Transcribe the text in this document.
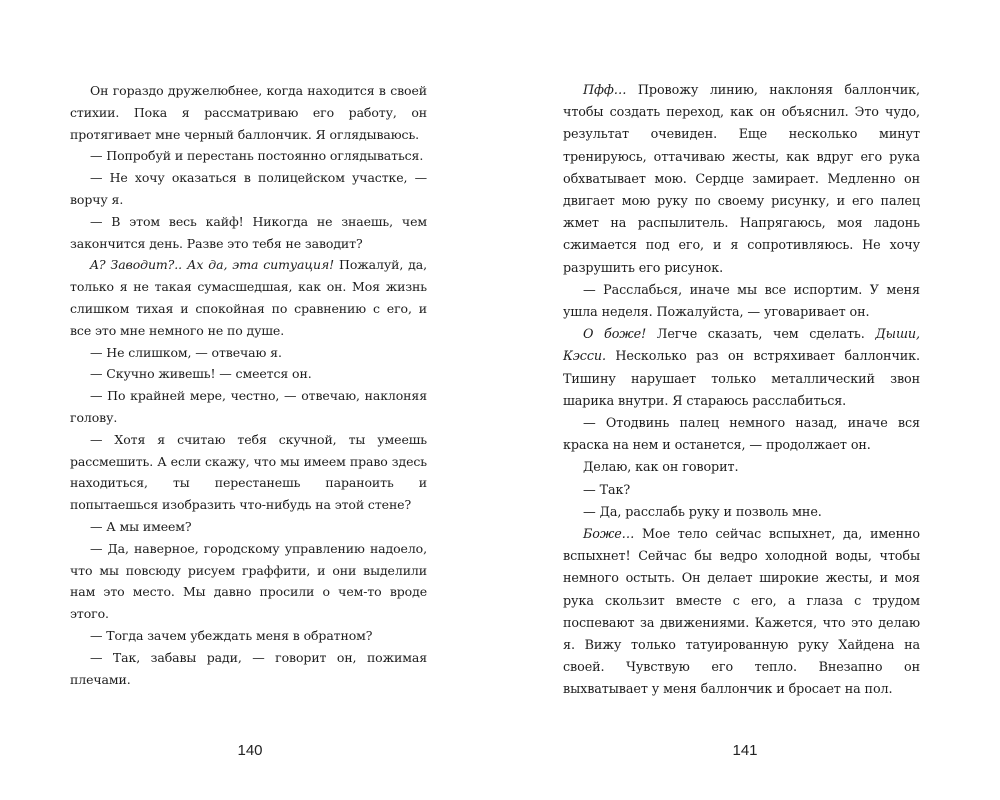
Он гораздо дружелюбнее, когда находится в своей стихии. Пока я рассматриваю его работу, он протягивает мне черный баллончик. Я оглядываюсь.

— Попробуй и перестань постоянно оглядываться.

— Не хочу оказаться в полицейском участке, — ворчу я.

— В этом весь кайф! Никогда не знаешь, чем закончится день. Разве это тебя не заводит?

A? Заводит?.. Ах да, эта ситуация! Пожалуй, да, только я не такая сумасшедшая, как он. Моя жизнь слишком тихая и спокойная по сравнению с его, и все это мне немного не по душе.

— Не слишком, — отвечаю я.

— Скучно живешь! — смеется он.

— По крайней мере, честно, — отвечаю, наклоняя голову.

— Хотя я считаю тебя скучной, ты умеешь рассмешить. А если скажу, что мы имеем право здесь находиться, ты перестанешь параноить и попытаешься изобразить что-нибудь на этой стене?

— А мы имеем?

— Да, наверное, городскому управлению надоело, что мы повсюду рисуем граффити, и они выделили нам это место. Мы давно просили о чем-то вроде этого.

— Тогда зачем убеждать меня в обратном?

— Так, забавы ради, — говорит он, пожимая плечами.

Пфф… Провожу линию, наклоняя баллончик, чтобы создать переход, как он объяснил. Это чудо, результат очевиден. Еще несколько минут тренируюсь, оттачиваю жесты, как вдруг его рука обхватывает мою. Сердце замирает. Медленно он двигает мою руку по своему рисунку, и его палец жмет на распылитель. Напрягаюсь, моя ладонь сжимается под его, и я сопротивляюсь. Не хочу разрушить его рисунок.

— Расслабься, иначе мы все испортим. У меня ушла неделя. Пожалуйста, — уговаривает он.

О боже! Легче сказать, чем сделать. Дыши, Кэсси. Несколько раз он встряхивает баллончик. Тишину нарушает только металлический звон шарика внутри. Я стараюсь расслабиться.

— Отодвинь палец немного назад, иначе вся краска на нем и останется, — продолжает он.

Делаю, как он говорит.

— Так?

— Да, расслабь руку и позволь мне.

Боже… Мое тело сейчас вспыхнет, да, именно вспыхнет! Сейчас бы ведро холодной воды, чтобы немного остыть. Он делает широкие жесты, и моя рука скользит вместе с его, а глаза с трудом поспевают за движениями. Кажется, что это делаю я. Вижу только татуированную руку Хайдена на своей. Чувствую его тепло. Внезапно он выхватывает у меня баллончик и бросает на пол.

140	141
